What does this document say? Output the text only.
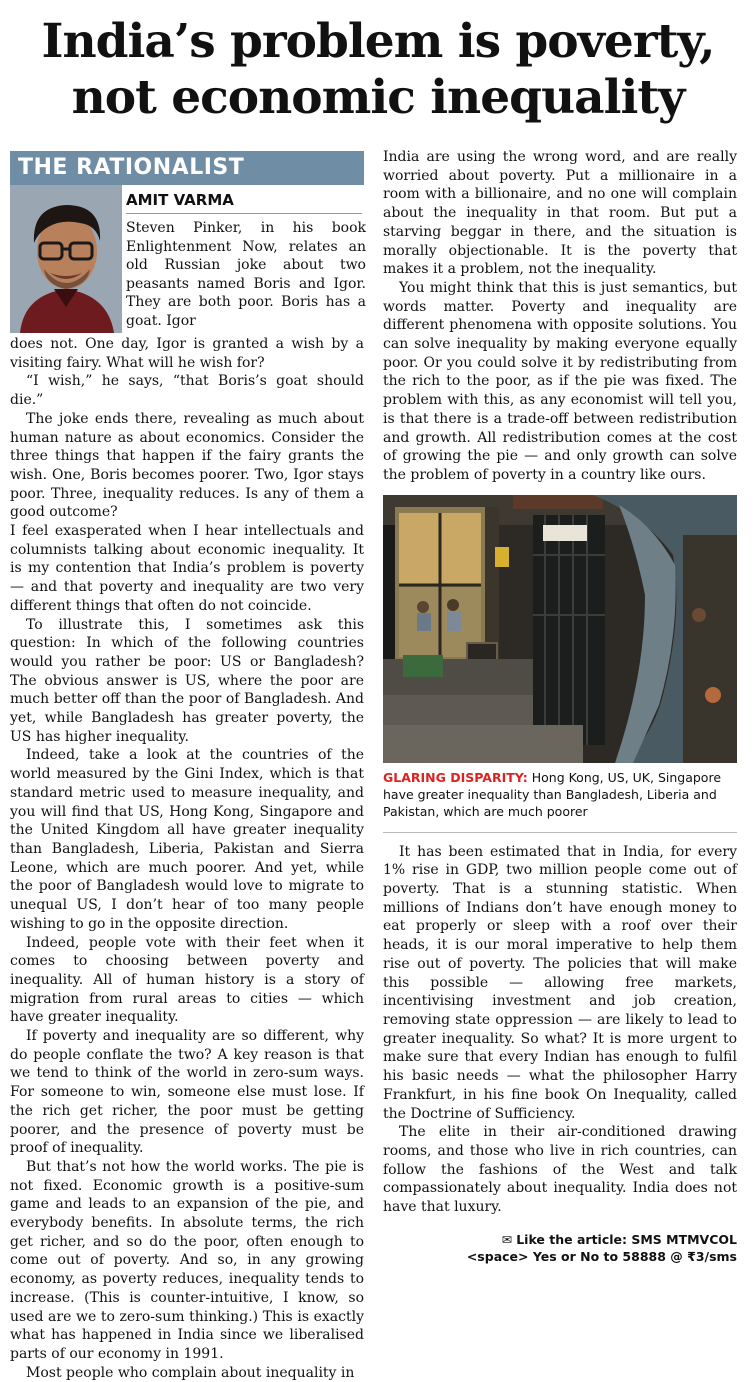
India’s problem is poverty,
not economic inequality
THE RATIONALIST
AMIT VARMA
Steven Pinker, in his book Enlightenment Now, relates an old Russian joke about two peasants named Boris and Igor. They are both poor. Boris has a goat. Igor

does not. One day, Igor is granted a wish by a visiting fairy. What will he wish for?

“I wish,” he says, “that Boris’s goat should die.”

The joke ends there, revealing as much about human nature as about economics. Consider the three things that happen if the fairy grants the wish. One, Boris becomes poorer. Two, Igor stays poor. Three, inequality reduces. Is any of them a good outcome?

I feel exasperated when I hear intellectuals and columnists talking about economic inequality. It is my contention that India’s problem is poverty — and that poverty and inequality are two very different things that often do not coincide.

To illustrate this, I sometimes ask this question: In which of the following countries would you rather be poor: US or Bangladesh? The obvious answer is US, where the poor are much better off than the poor of Bangladesh. And yet, while Bangladesh has greater poverty, the US has higher inequality.

Indeed, take a look at the countries of the world measured by the Gini Index, which is that standard metric used to measure inequality, and you will find that US, Hong Kong, Singapore and the United Kingdom all have greater inequality than Bangladesh, Liberia, Pakistan and Sierra Leone, which are much poorer. And yet, while the poor of Bangladesh would love to migrate to unequal US, I don’t hear of too many people wishing to go in the opposite direction.

Indeed, people vote with their feet when it comes to choosing between poverty and inequality. All of human history is a story of migration from rural areas to cities — which have greater inequality.

If poverty and inequality are so different, why do people conflate the two? A key reason is that we tend to think of the world in zero-sum ways. For someone to win, someone else must lose. If the rich get richer, the poor must be getting poorer, and the presence of poverty must be proof of inequality.

But that’s not how the world works. The pie is not fixed. Economic growth is a positive-sum game and leads to an expansion of the pie, and everybody benefits. In absolute terms, the rich get richer, and so do the poor, often enough to come out of poverty. And so, in any growing economy, as poverty reduces, inequality tends to increase. (This is counter-intuitive, I know, so used are we to zero-sum thinking.) This is exactly what has happened in India since we liberalised parts of our economy in 1991.

Most people who complain about inequality in

India are using the wrong word, and are really worried about poverty. Put a millionaire in a room with a billionaire, and no one will complain about the inequality in that room. But put a starving beggar in there, and the situation is morally objectionable. It is the poverty that makes it a problem, not the inequality.

You might think that this is just semantics, but words matter. Poverty and inequality are different phenomena with opposite solutions. You can solve inequality by making everyone equally poor. Or you could solve it by redistributing from the rich to the poor, as if the pie was fixed. The problem with this, as any economist will tell you, is that there is a trade-off between redistribution and growth. All redistribution comes at the cost of growing the pie — and only growth can solve the problem of poverty in a country like ours.

GLARING DISPARITY: Hong Kong, US, UK, Singapore have greater inequality than Bangladesh, Liberia and Pakistan, which are much poorer

It has been estimated that in India, for every 1% rise in GDP, two million people come out of poverty. That is a stunning statistic. When millions of Indians don’t have enough money to eat properly or sleep with a roof over their heads, it is our moral imperative to help them rise out of poverty. The policies that will make this possible — allowing free markets, incentivising investment and job creation, removing state oppression — are likely to lead to greater inequality. So what? It is more urgent to make sure that every Indian has enough to fulfil his basic needs — what the philosopher Harry Frankfurt, in his fine book On Inequality, called the Doctrine of Sufficiency.

The elite in their air-conditioned drawing rooms, and those who live in rich countries, can follow the fashions of the West and talk compassionately about inequality. India does not have that luxury.

✉ Like the article: SMS MTMVCOL
<space> Yes or No to 58888 @ ₹3/sms
